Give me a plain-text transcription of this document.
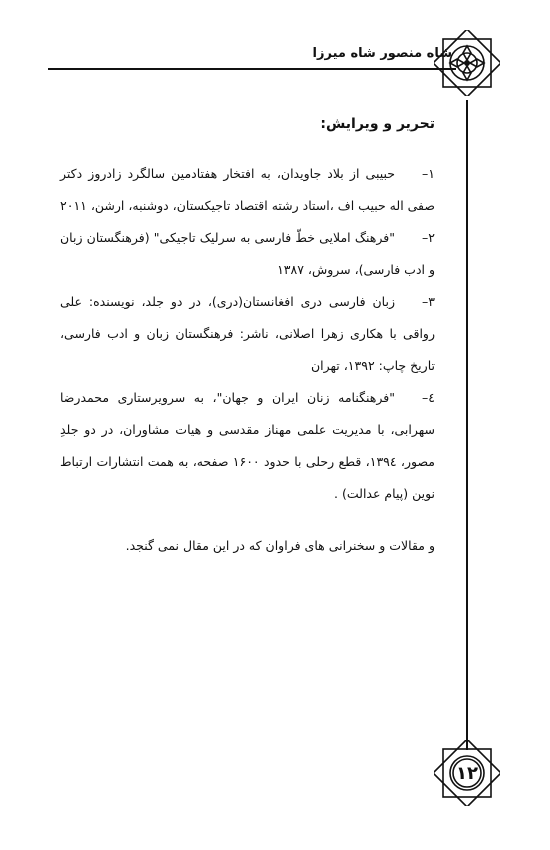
شاه منصور شاه میرزا
۱۲
تحریر و ویرایش:

۱–حبیبی از بلاد جاویدان، به افتخار هفتادمین سالگرد زادروز دکتر صفی اله حبیب اف ،استاد رشته اقتصاد تاجیکستان، دوشنبه، ارشن، ۲۰۱۱

۲–"فرهنگ املایی خطّ فارسی به سرلیک تاجیکی" (فرهنگستان زبان و ادب فارسی)، سروش، ۱۳۸۷

۳–زبان فارسی دری افغانستان(دری)، در دو جلد، نویسنده: علی رواقی با هکاری زهرا اصلانی، ناشر: فرهنگستان زبان و ادب فارسی، تاریخ چاپ: ۱۳۹۲، تهران

٤–"فرهنگنامه زنان ایران و جهان"، به سرویرستاری محمدرضا سهرابی، با مدیریت علمی مهناز مقدسی و هیات مشاوران، در دو جلدِ مصور، ۱۳۹٤، قطع رحلی با حدود ۱۶۰۰ صفحه، به همت انتشارات ارتباط نوین (پیام عدالت) .

و مقالات و سخنرانی های فراوان که در این مقال نمی گنجد.
